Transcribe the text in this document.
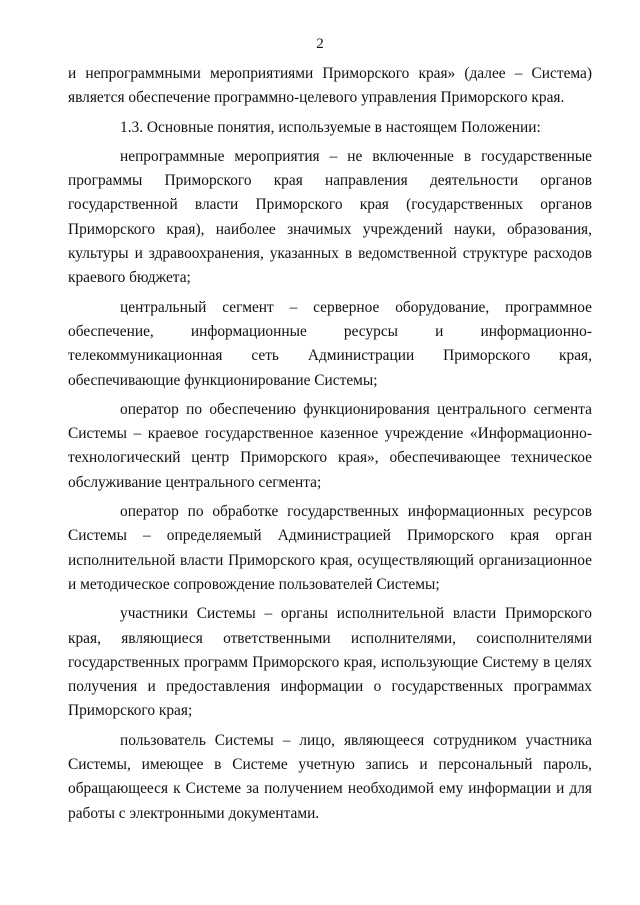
2

и непрограммными мероприятиями Приморского края» (далее – Система) является обеспечение программно-целевого управления Приморского края.

1.3. Основные понятия, используемые в настоящем Положении:

непрограммные мероприятия – не включенные в государственные программы Приморского края направления деятельности органов государственной власти Приморского края (государственных органов Приморского края), наиболее значимых учреждений науки, образования, культуры и здравоохранения, указанных в ведомственной структуре расходов краевого бюджета;

центральный сегмент – серверное оборудование, программное обеспечение, информационные ресурсы и информационно-телекоммуникационная сеть Администрации Приморского края, обеспечивающие функционирование Системы;

оператор по обеспечению функционирования центрального сегмента Системы – краевое государственное казенное учреждение «Информационно-технологический центр Приморского края», обеспечивающее техническое обслуживание центрального сегмента;

оператор по обработке государственных информационных ресурсов Системы – определяемый Администрацией Приморского края орган исполнительной власти Приморского края, осуществляющий организационное и методическое сопровождение пользователей Системы;

участники Системы – органы исполнительной власти Приморского края, являющиеся ответственными исполнителями, соисполнителями государственных программ Приморского края, использующие Систему в целях получения и предоставления информации о государственных программах Приморского края;

пользователь Системы – лицо, являющееся сотрудником участника Системы, имеющее в Системе учетную запись и персональный пароль, обращающееся к Системе за получением необходимой ему информации и для работы с электронными документами.
